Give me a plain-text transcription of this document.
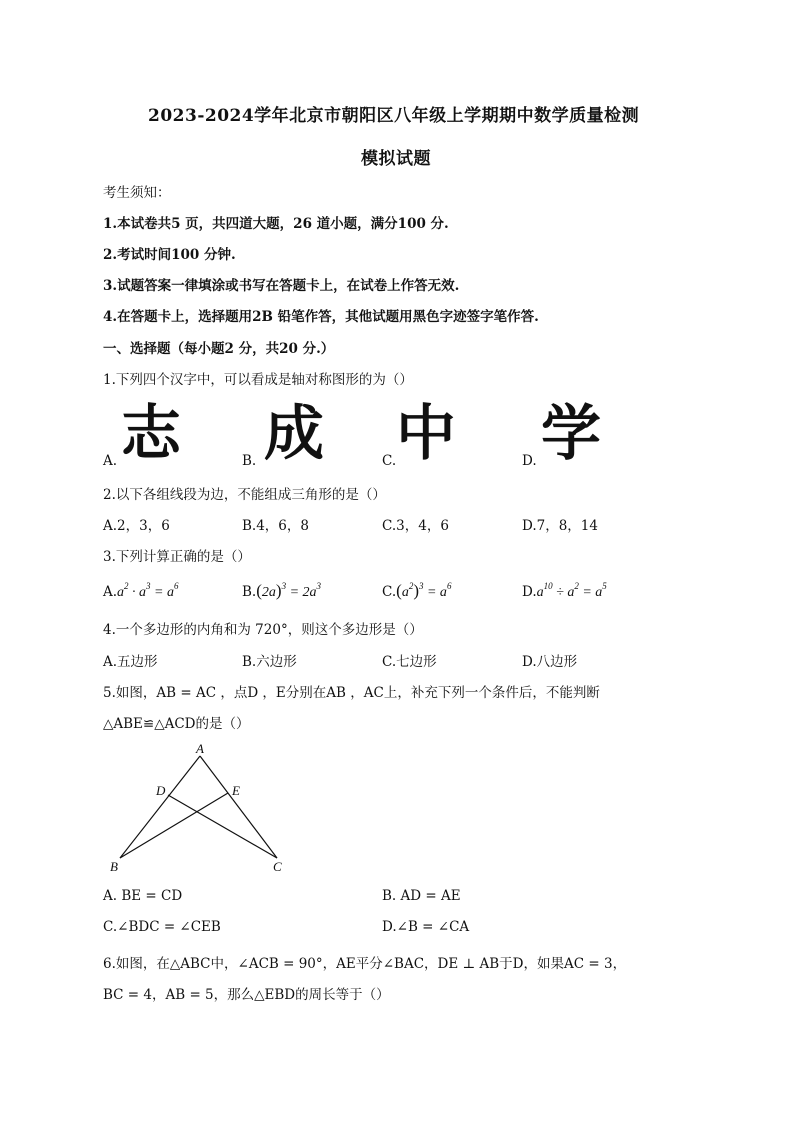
2023-2024学年北京市朝阳区八年级上学期期中数学质量检测
模拟试题
考生须知：
1.本试卷共5 页，共四道大题，26 道小题，满分100 分.
2.考试时间100 分钟.
3.试题答案一律填涂或书写在答题卡上，在试卷上作答无效.
4.在答题卡上，选择题用2B 铅笔作答，其他试题用黑色字迹签字笔作答.
一、选择题（每小题2 分，共20 分.）
1.下列四个汉字中，可以看成是轴对称图形的为（）
A. 志	B. 成	C. 中	D. 学
2.以下各组线段为边，不能组成三角形的是（）
A.2，3，6	B.4，6，8	C.3，4，6	D.7，8，14
3.下列计算正确的是（）
$A.a^2 \cdot a^3 = a^6$	$B.(2a)^3 = 2a^3$	$C.(a^2)^3 = a^6$	$D.a^{10} \div a^2 = a^5$
4.一个多边形的内角和为 720°，则这个多边形是（）
A.五边形	B.六边形	C.七边形	D.八边形
5.如图，AB = AC ，点D ，E分别在AB ，AC上，补充下列一个条件后，不能判断
△ABE≌△ACD的是（）
A
D	E
B	C
A. BE = CD	B. AD = AE
C.∠BDC = ∠CEB	D.∠B = ∠CA
6.如图，在△ABC中，∠ACB = 90°，AE平分∠BAC，DE ⊥ AB于D，如果AC = 3，
BC = 4，AB = 5，那么△EBD的周长等于（）
